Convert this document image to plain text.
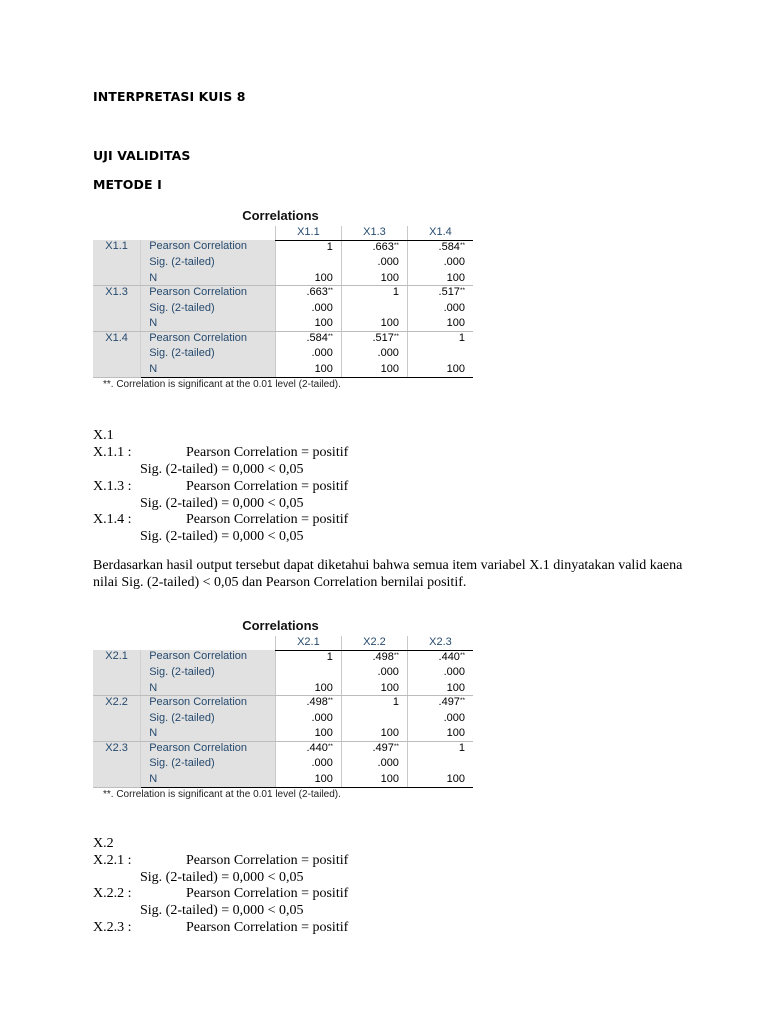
INTERPRETASI KUIS 8
UJI VALIDITAS
METODE I
Correlations
		X1.1	X1.3	X1.4
X1.1	Pearson Correlation	1	.663**	.584**
	Sig. (2-tailed)		.000	.000
	N	100	100	100
X1.3	Pearson Correlation	.663**	1	.517**
	Sig. (2-tailed)	.000		.000
	N	100	100	100
X1.4	Pearson Correlation	.584**	.517**	1
	Sig. (2-tailed)	.000	.000	
	N	100	100	100
**. Correlation is significant at the 0.01 level (2-tailed).
X.1
X.1.1 :	Pearson Correlation = positif
Sig. (2-tailed) = 0,000 < 0,05
X.1.3 :	Pearson Correlation = positif
Sig. (2-tailed) = 0,000 < 0,05
X.1.4 :	Pearson Correlation = positif
Sig. (2-tailed) = 0,000 < 0,05
Berdasarkan hasil output tersebut dapat diketahui bahwa semua item variabel X.1 dinyatakan valid kaena nilai Sig. (2-tailed) < 0,05 dan Pearson Correlation bernilai positif.
Correlations
		X2.1	X2.2	X2.3
X2.1	Pearson Correlation	1	.498**	.440**
	Sig. (2-tailed)		.000	.000
	N	100	100	100
X2.2	Pearson Correlation	.498**	1	.497**
	Sig. (2-tailed)	.000		.000
	N	100	100	100
X2.3	Pearson Correlation	.440**	.497**	1
	Sig. (2-tailed)	.000	.000	
	N	100	100	100
**. Correlation is significant at the 0.01 level (2-tailed).
X.2
X.2.1 :	Pearson Correlation = positif
Sig. (2-tailed) = 0,000 < 0,05
X.2.2 :	Pearson Correlation = positif
Sig. (2-tailed) = 0,000 < 0,05
X.2.3 :	Pearson Correlation = positif
